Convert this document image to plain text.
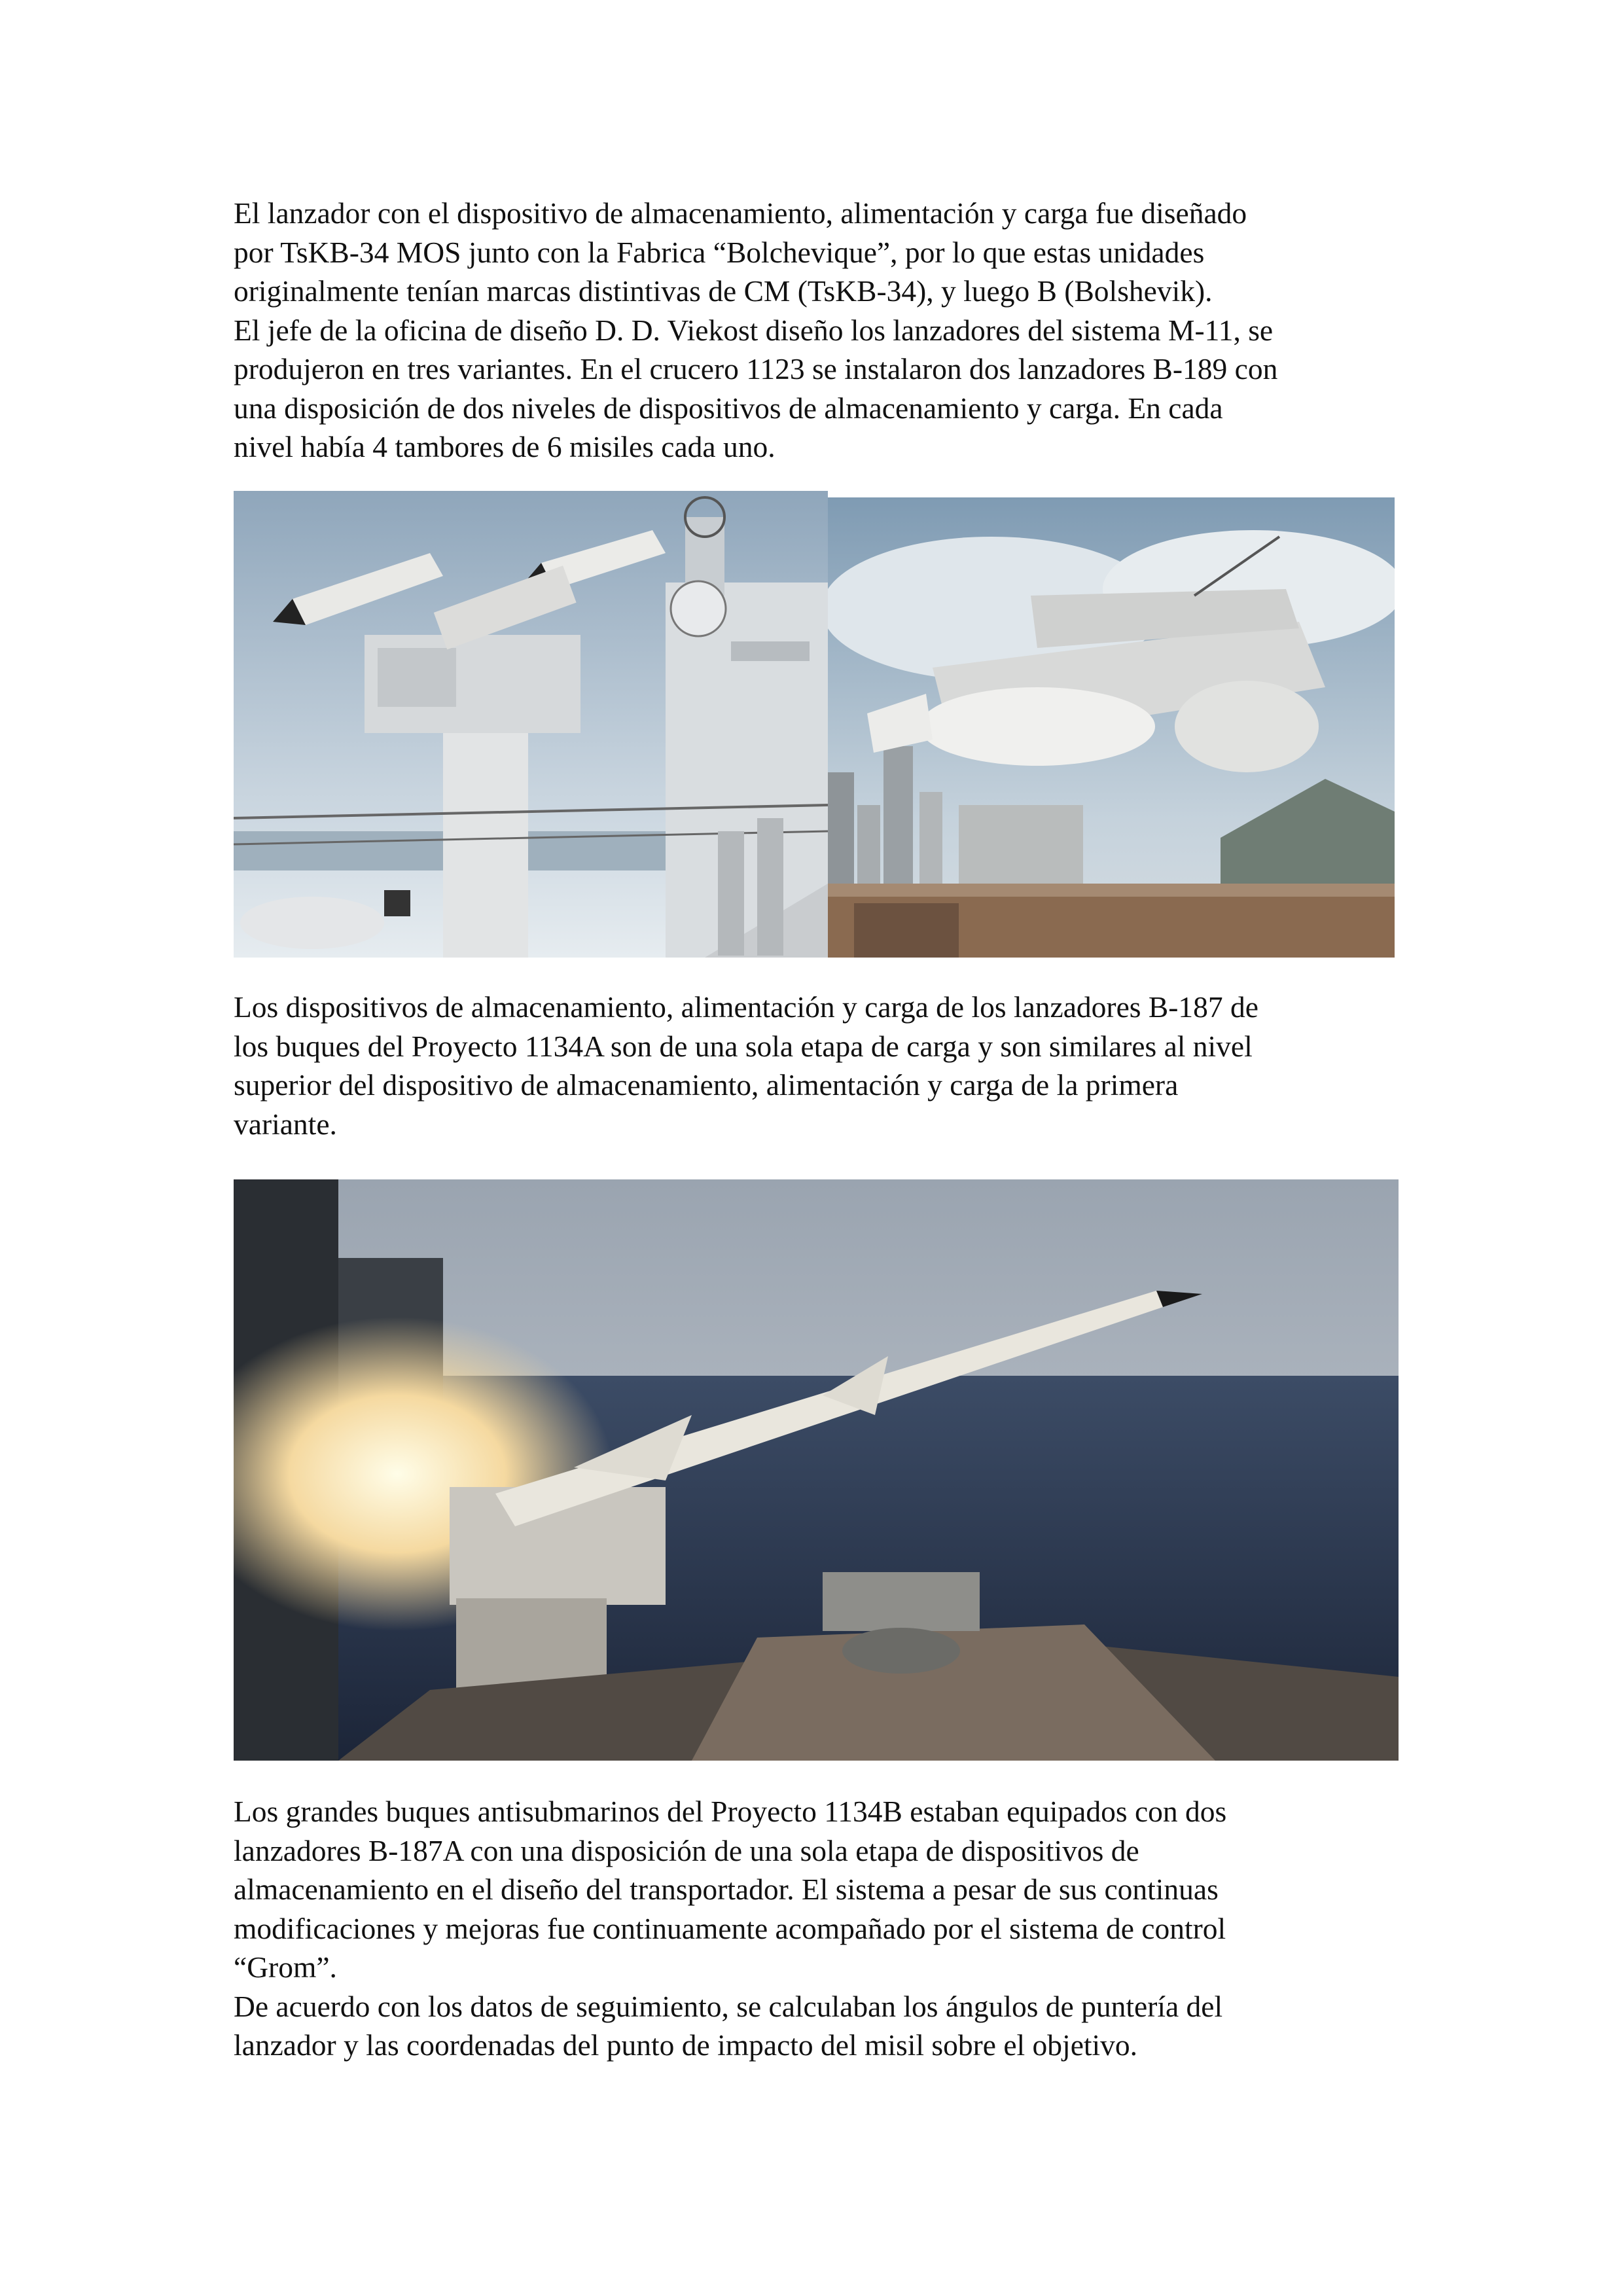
El lanzador con el dispositivo de almacenamiento, alimentación y carga fue diseñado
por TsKB-34 MOS junto con la Fabrica “Bolchevique”, por lo que estas unidades
originalmente tenían marcas distintivas de CM (TsKB-34), y luego B (Bolshevik).
El jefe de la oficina de diseño D. D. Viekost diseño los lanzadores del sistema M-11, se
produjeron en tres variantes. En el crucero 1123 se instalaron dos lanzadores B-189 con
una disposición de dos niveles de dispositivos de almacenamiento y carga. En cada
nivel había 4 tambores de 6 misiles cada uno.
Los dispositivos de almacenamiento, alimentación y carga de los lanzadores B-187 de
los buques del Proyecto 1134A son de una sola etapa de carga y son similares al nivel
superior del dispositivo de almacenamiento, alimentación y carga de la primera
variante.
Los grandes buques antisubmarinos del Proyecto 1134B estaban equipados con dos
lanzadores B-187A con una disposición de una sola etapa de dispositivos de
almacenamiento en el diseño del transportador. El sistema a pesar de sus continuas
modificaciones y mejoras fue continuamente acompañado por el sistema de control
“Grom”.
De acuerdo con los datos de seguimiento, se calculaban los ángulos de puntería del
lanzador y las coordenadas del punto de impacto del misil sobre el objetivo.
